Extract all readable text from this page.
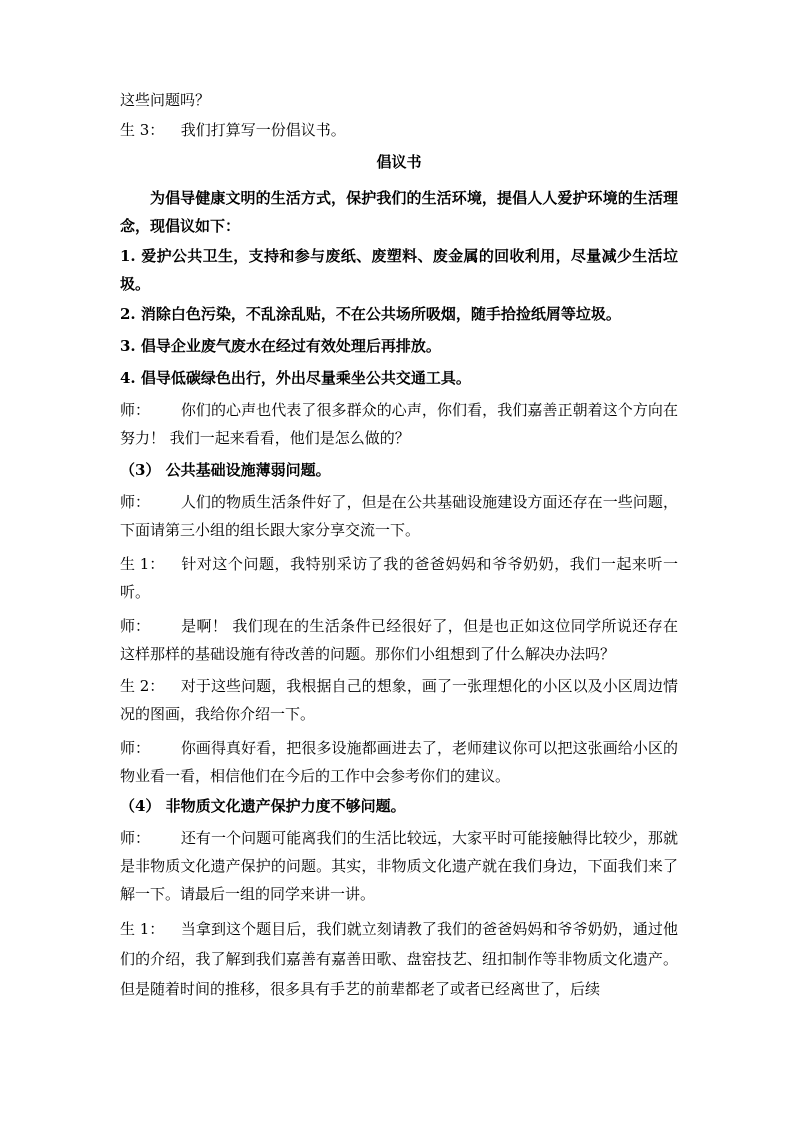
这些问题吗？

生 3： 我们打算写一份倡议书。

倡议书

为倡导健康文明的生活方式，保护我们的生活环境，提倡人人爱护环境的生活理念，现倡议如下：

1. 爱护公共卫生，支持和参与废纸、废塑料、废金属的回收利用，尽量减少生活垃圾。

2. 消除白色污染，不乱涂乱贴，不在公共场所吸烟，随手拾捡纸屑等垃圾。

3. 倡导企业废气废水在经过有效处理后再排放。

4. 倡导低碳绿色出行，外出尽量乘坐公共交通工具。

师： 你们的心声也代表了很多群众的心声，你们看，我们嘉善正朝着这个方向在努力！ 我们一起来看看，他们是怎么做的？

（3） 公共基础设施薄弱问题。

师： 人们的物质生活条件好了，但是在公共基础设施建设方面还存在一些问题，下面请第三小组的组长跟大家分享交流一下。

生 1： 针对这个问题，我特别采访了我的爸爸妈妈和爷爷奶奶，我们一起来听一听。

师： 是啊！ 我们现在的生活条件已经很好了，但是也正如这位同学所说还存在这样那样的基础设施有待改善的问题。那你们小组想到了什么解决办法吗？

生 2： 对于这些问题，我根据自己的想象，画了一张理想化的小区以及小区周边情况的图画，我给你介绍一下。

师： 你画得真好看，把很多设施都画进去了，老师建议你可以把这张画给小区的物业看一看，相信他们在今后的工作中会参考你们的建议。

（4） 非物质文化遗产保护力度不够问题。

师： 还有一个问题可能离我们的生活比较远，大家平时可能接触得比较少，那就是非物质文化遗产保护的问题。其实，非物质文化遗产就在我们身边，下面我们来了解一下。请最后一组的同学来讲一讲。

生 1： 当拿到这个题目后，我们就立刻请教了我们的爸爸妈妈和爷爷奶奶，通过他们的介绍，我了解到我们嘉善有嘉善田歌、盘窑技艺、纽扣制作等非物质文化遗产。但是随着时间的推移，很多具有手艺的前辈都老了或者已经离世了，后续
